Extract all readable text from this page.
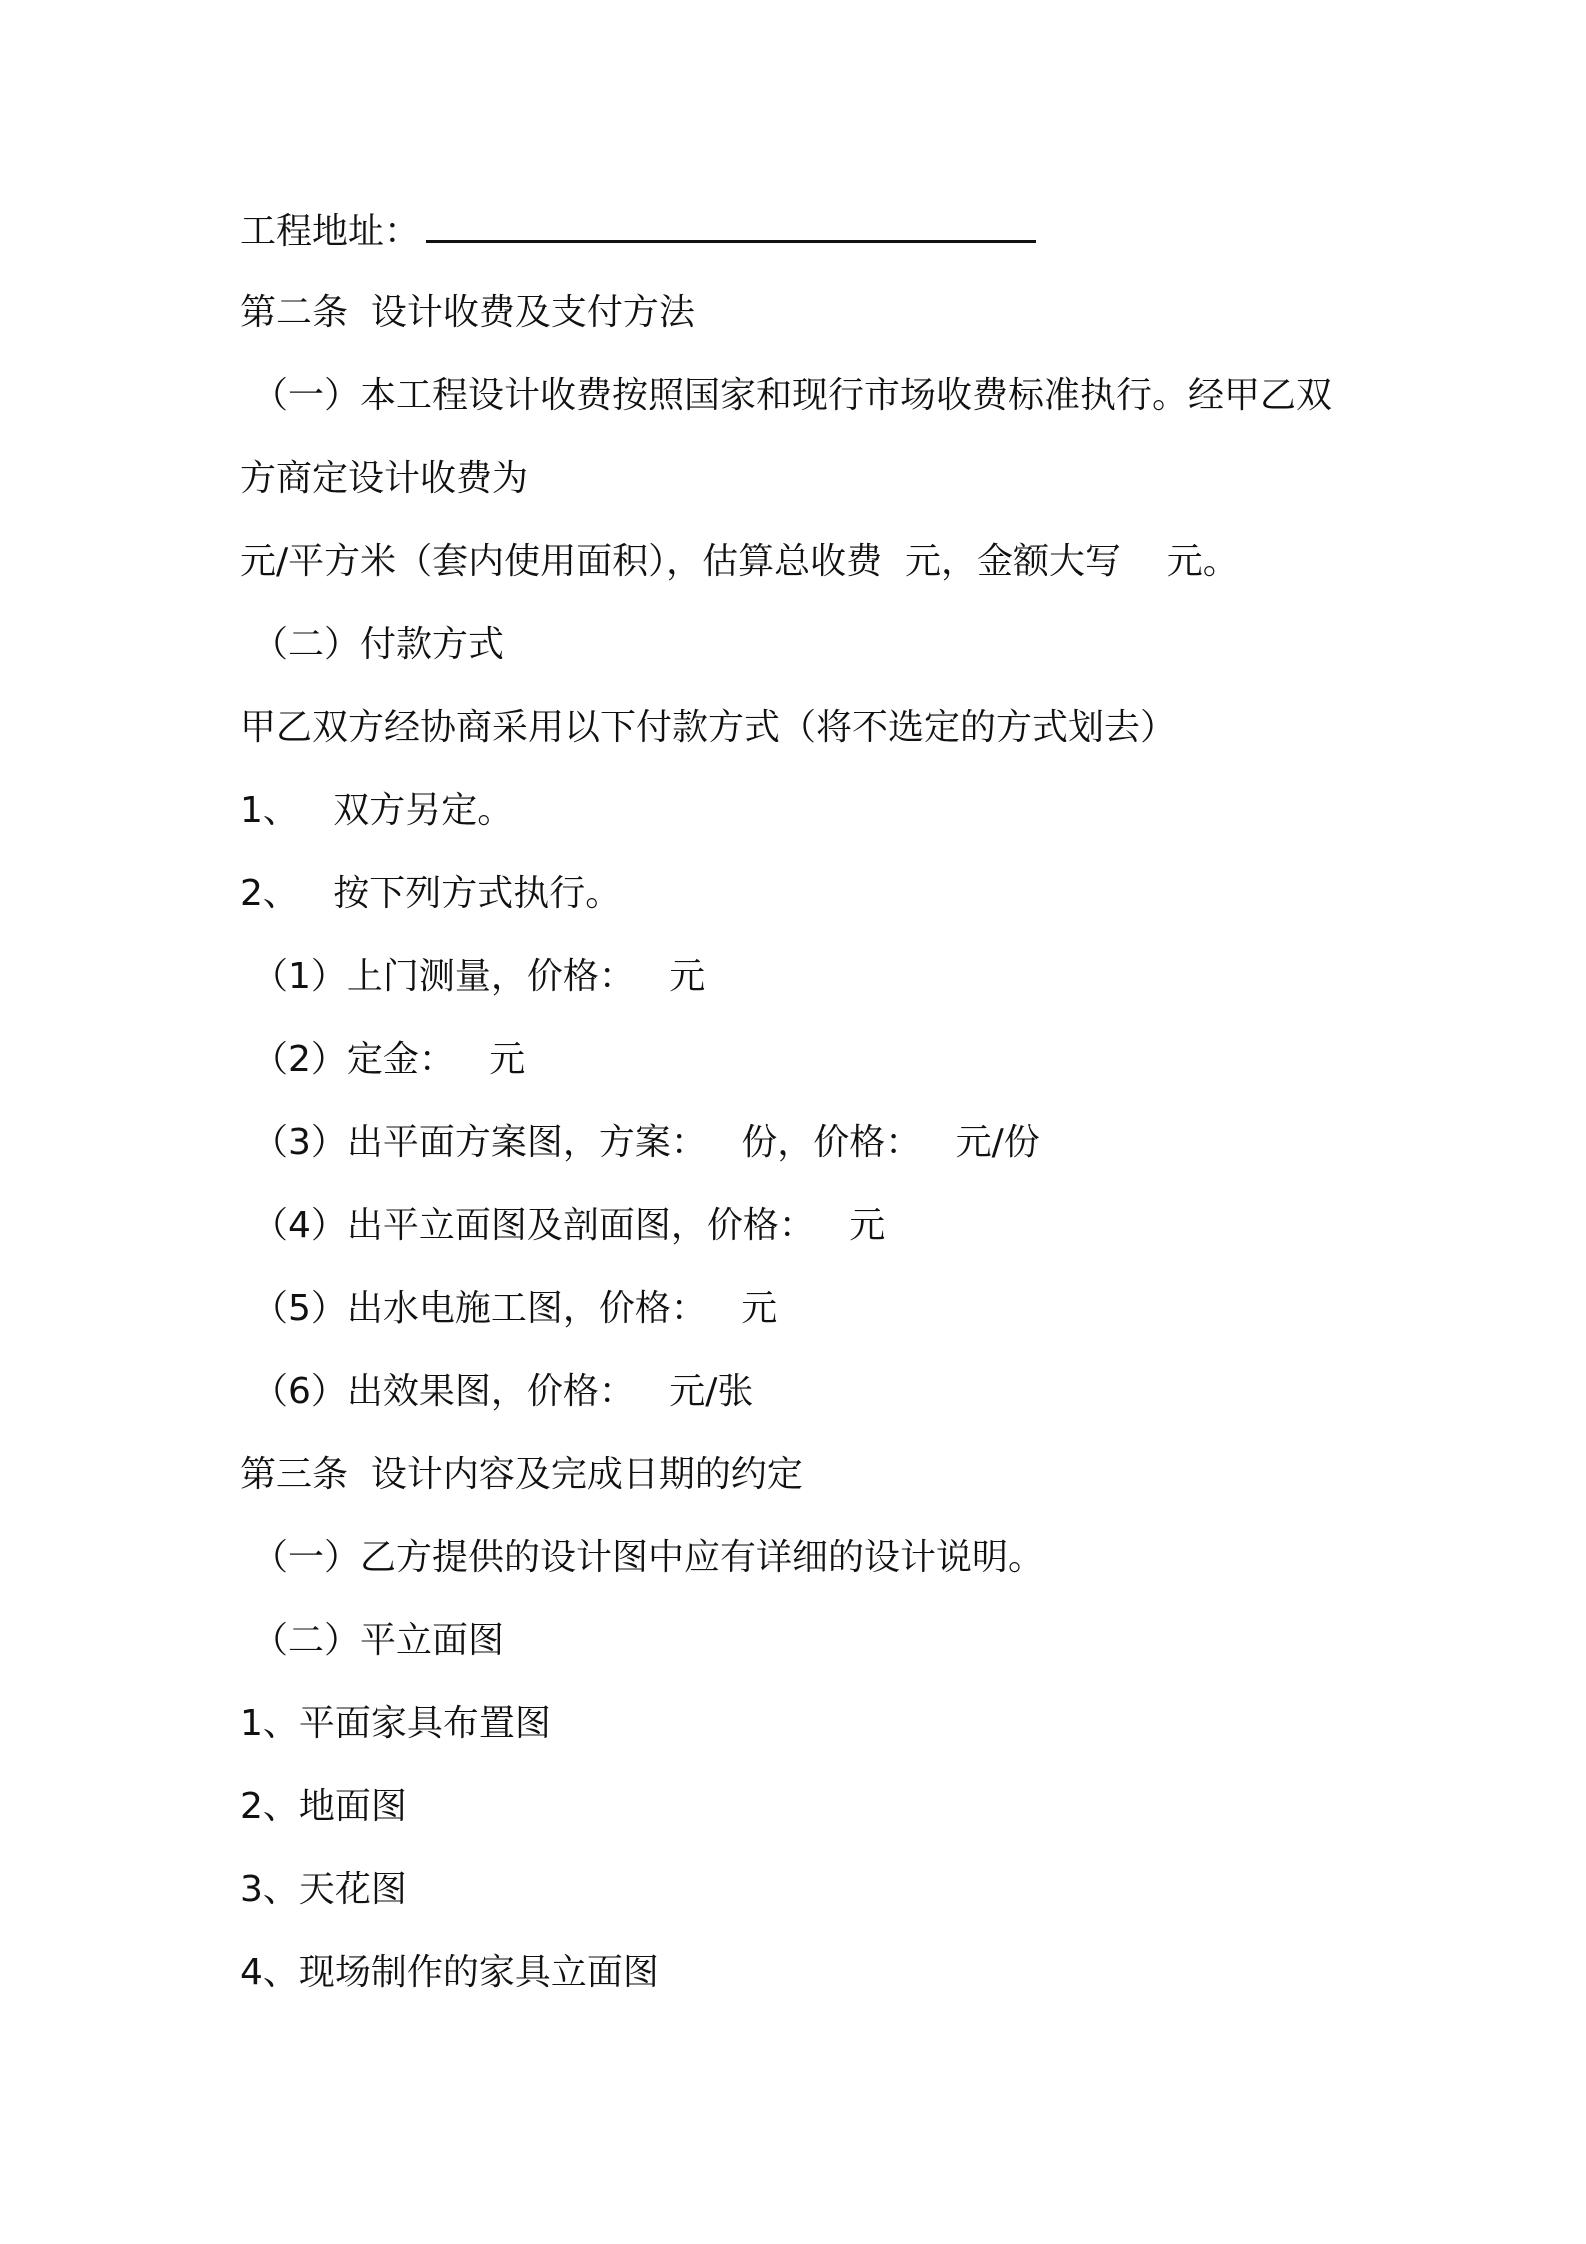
工程地址：
第二条  设计收费及支付方法
（一）本工程设计收费按照国家和现行市场收费标准执行。经甲乙双
方商定设计收费为
元/平方米（套内使用面积），估算总收费  元，金额大写    元。
（二）付款方式
甲乙双方经协商采用以下付款方式（将不选定的方式划去）
1、   双方另定。
2、   按下列方式执行。
（1）上门测量，价格：   元
（2）定金：   元
（3）出平面方案图，方案：   份，价格：   元/份
（4）出平立面图及剖面图，价格：   元
（5）出水电施工图，价格：   元
（6）出效果图，价格：   元/张
第三条  设计内容及完成日期的约定
（一）乙方提供的设计图中应有详细的设计说明。
（二）平立面图
1、平面家具布置图
2、地面图
3、天花图
4、现场制作的家具立面图
